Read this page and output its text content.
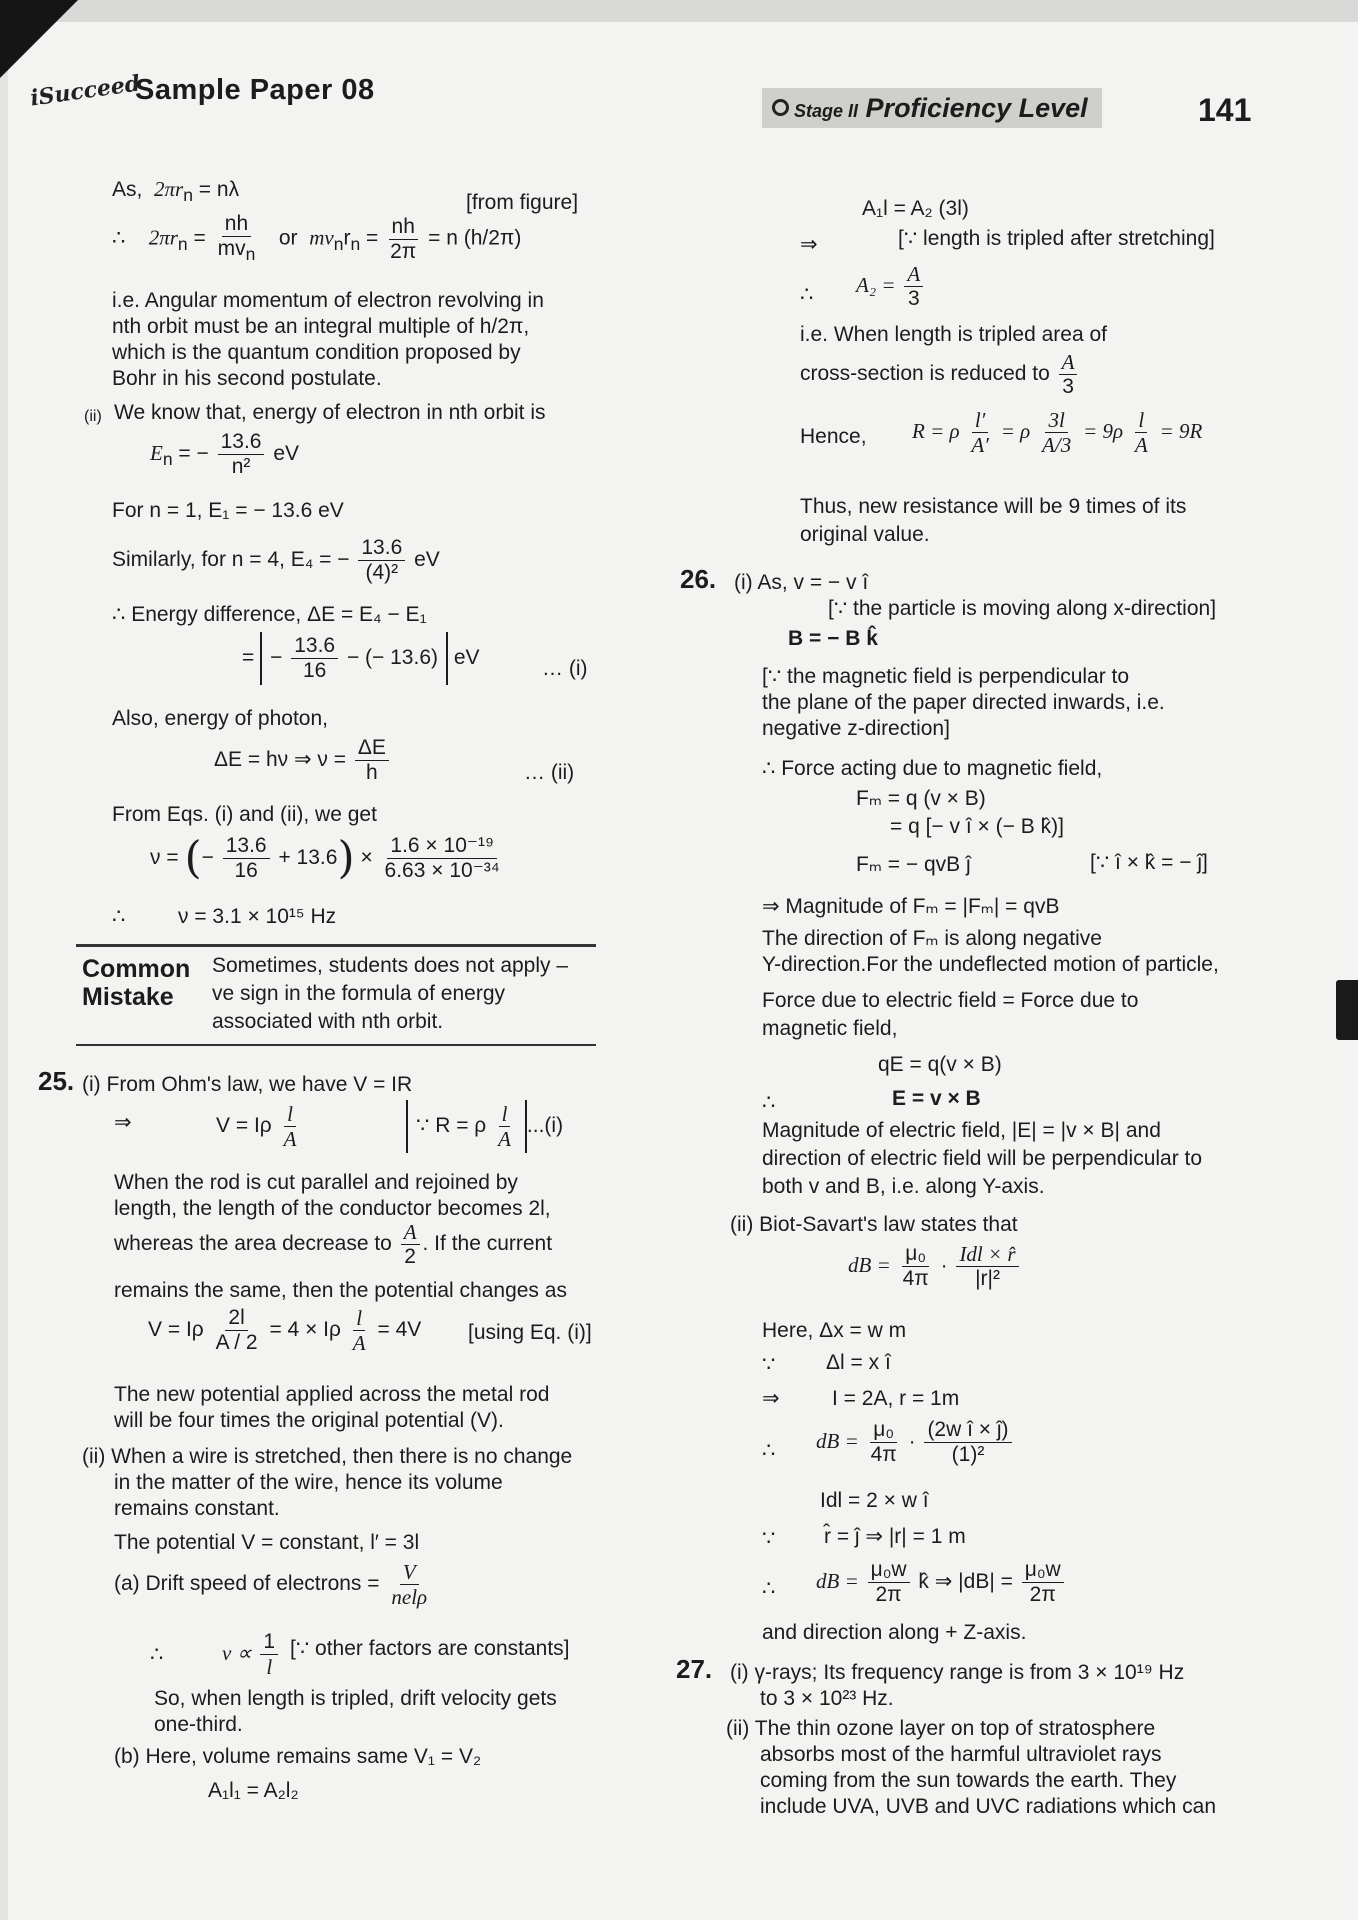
iSucceed
Sample Paper 08
Stage II Proficiency Level	141
As, $2\pi r_n = n\lambda$
[from figure]
∴ $2\pi r_n = \frac{nh}{mv_n}$ or $mv_nr_n = \frac{nh}{2\pi} = n$ (h/2π)
i.e. Angular momentum of electron revolving in
nth orbit must be an integral multiple of h/2π,
which is the quantum condition proposed by
Bohr in his second postulate.
(ii) We know that, energy of electron in nth orbit is
$E_n$ = − $\frac{13.6}{\text{n²}}$ eV
For n = 1, E₁ = − 13.6 eV
Similarly, for n = 4, E₄ = − $\frac{13.6}{\text{(4)²}}$ eV
∴ Energy difference, ΔE = E₄ − E₁
= − $\frac{13.6}{16}$ − (− 13.6) eV	… (i)
Also, energy of photon,
ΔE = hν ⇒ $\nu = \frac{\Delta E}{h}$	… (ii)
From Eqs. (i) and (ii), we get
ν = (− $\frac{13.6}{16} + 13.6) \times \frac{\text{1.6 × 10⁻¹⁹}}{\text{6.63 × 10⁻³⁴}}$
∴	ν = 3.1 × 10¹⁵ Hz
Common
Mistake
Sometimes, students does not apply – ve sign in the formula of energy associated with nth orbit.
25. (i) From Ohm's law, we have V = IR
⇒	V = Iρ $\frac{l}{A}$	∵ R = ρ $\frac{l}{A} ...(i)$
When the rod is cut parallel and rejoined by
length, the length of the conductor becomes 2l,
whereas the area decrease to $\frac{A}{2}$ . If the current
remains the same, then the potential changes as
V = Iρ $\frac{2l}{A / 2} = 4 \times I\rho \frac{l}{A} = 4V$ [using Eq. (i)]
The new potential applied across the metal rod
will be four times the original potential (V).
(ii) When a wire is stretched, then there is no change
in the matter of the wire, hence its volume
remains constant.
The potential V = constant, l′ = 3l
(a) Drift speed of electrons = $\frac{V}{\text{nelρ}}$
∴	$v \propto \frac{1}{l}$ [∵ other factors are constants]
So, when length is tripled, drift velocity gets
one-third.
(b) Here, volume remains same V₁ = V₂
A₁l₁ = A₂l₂
A₁l = A₂ (3l)
⇒	[∵ length is tripled after stretching]
∴ $A_2 = \frac{A}{3}$
i.e. When length is tripled area of
cross-section is reduced to $\frac{A}{3}$
Hence, R = ρ $\frac{l'}{A'} = \rho \frac{3l}{A/3} = 9\rho \frac{l}{A} = 9R$
Thus, new resistance will be 9 times of its
original value.
26. (i) As, v = − v î
[∵ the particle is moving along x-direction]
B = − B k̂
[∵ the magnetic field is perpendicular to
the plane of the paper directed inwards, i.e.
negative z-direction]
∴ Force acting due to magnetic field,
Fₘ = q (v × B)
= q [− v î × (− B k̂)]
Fₘ = − qvB ĵ	[∵ î × k̂ = − ĵ]
⇒ Magnitude of Fₘ = |Fₘ| = qvB
The direction of Fₘ is along negative
Y-direction.For the undeflected motion of particle,
Force due to electric field = Force due to
magnetic field,
qE = q(v × B)
∴	E = v × B
Magnitude of electric field, |E| = |v × B| and
direction of electric field will be perpendicular to
both v and B, i.e. along Y-axis.
(ii) Biot-Savart's law states that
dB = $\frac{\text{μ₀}}{4\pi} \cdot \frac{\text{Idl × r̂}}{\text{|r|²}}$
Here, Δx = w m
∵ Δl = x î
⇒ I = 2A, r = 1m
∴ dB = $\frac{\text{μ₀}}{4\pi} \cdot \frac{\text{(2w î × ĵ)}}{\text{(1)²}}$
Idl = 2 × w î
∵ r̂ = ĵ ⇒ |r| = 1 m
∴ dB = $\frac{\text{μ₀w}}{2\pi}$ k̂ ⇒ $|dB| = \frac{\text{μ₀w}}{2\pi}$
and direction along + Z-axis.
27. (i) γ-rays; Its frequency range is from 3 × 10¹⁹ Hz
to 3 × 10²³ Hz.
(ii) The thin ozone layer on top of stratosphere
absorbs most of the harmful ultraviolet rays
coming from the sun towards the earth. They
include UVA, UVB and UVC radiations which can
